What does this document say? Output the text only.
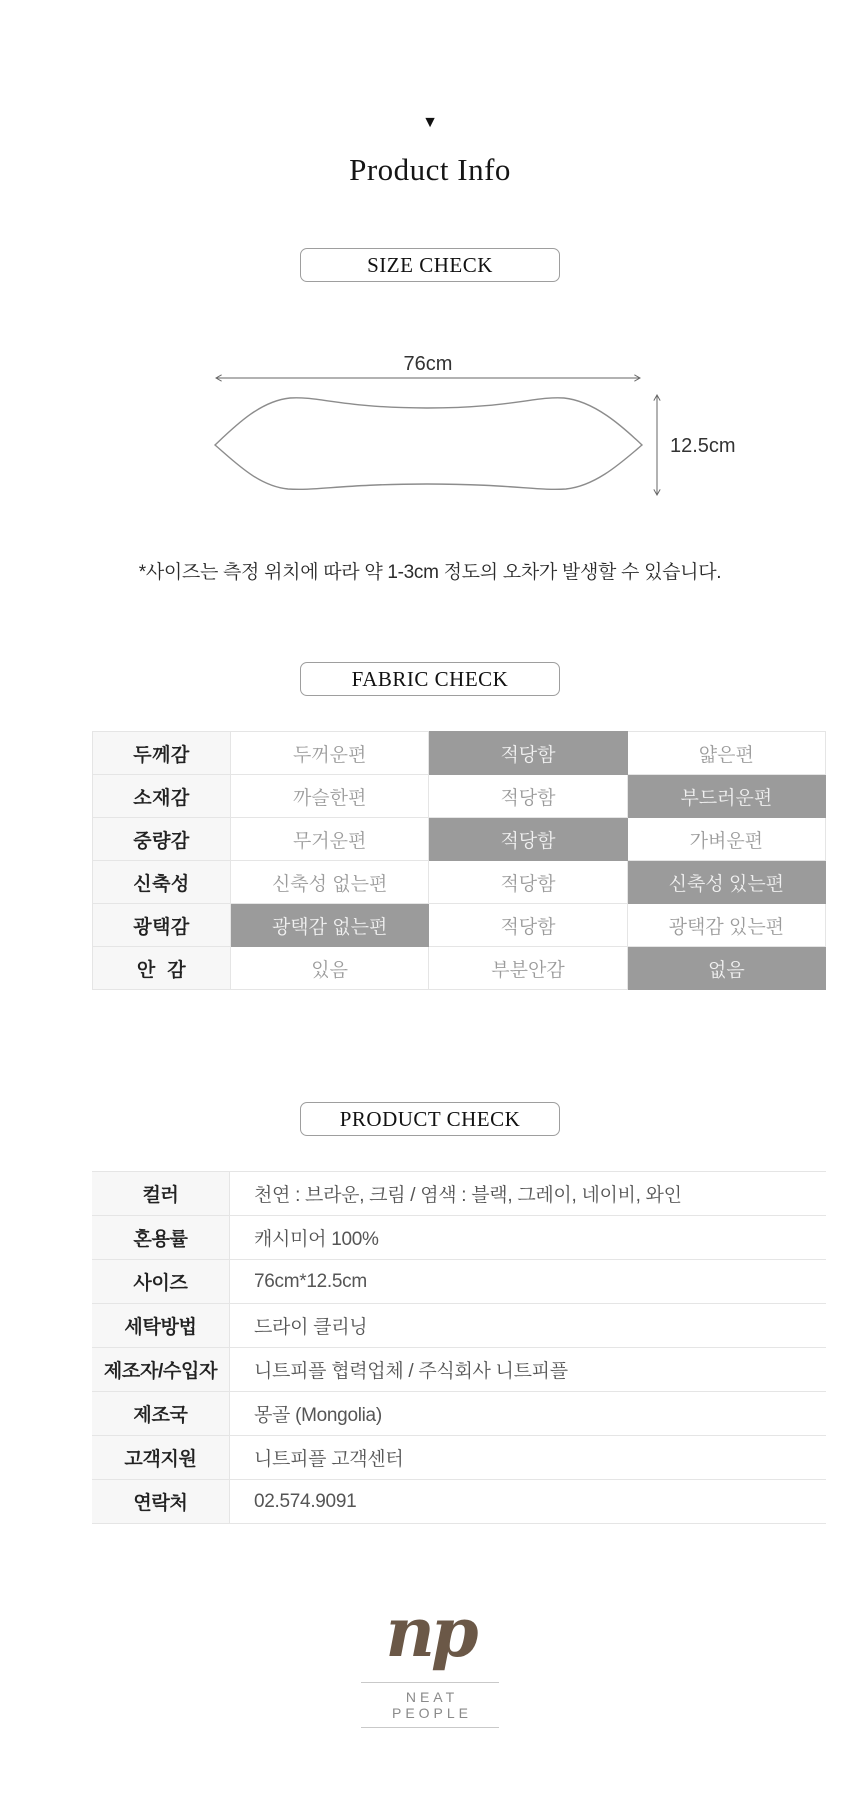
▼
Product Info
SIZE CHECK
76cm
12.5cm
*사이즈는 측정 위치에 따라 약 1-3cm 정도의 오차가 발생할 수 있습니다.
FABRIC CHECK
두께감	두꺼운편	적당함	얇은편
소재감	까슬한편	적당함	부드러운편
중량감	무거운편	적당함	가벼운편
신축성	신축성 없는편	적당함	신축성 있는편
광택감	광택감 없는편	적당함	광택감 있는편
안  감	있음	부분안감	없음
PRODUCT CHECK
컬러	천연 : 브라운, 크림 / 염색 : 블랙, 그레이, 네이비, 와인
혼용률	캐시미어 100%
사이즈	76cm*12.5cm
세탁방법	드라이 클리닝
제조자/수입자	니트피플 협력업체 / 주식회사 니트피플
제조국	몽골 (Mongolia)
고객지원	니트피플 고객센터
연락처	02.574.9091
np
NEAT PEOPLE
